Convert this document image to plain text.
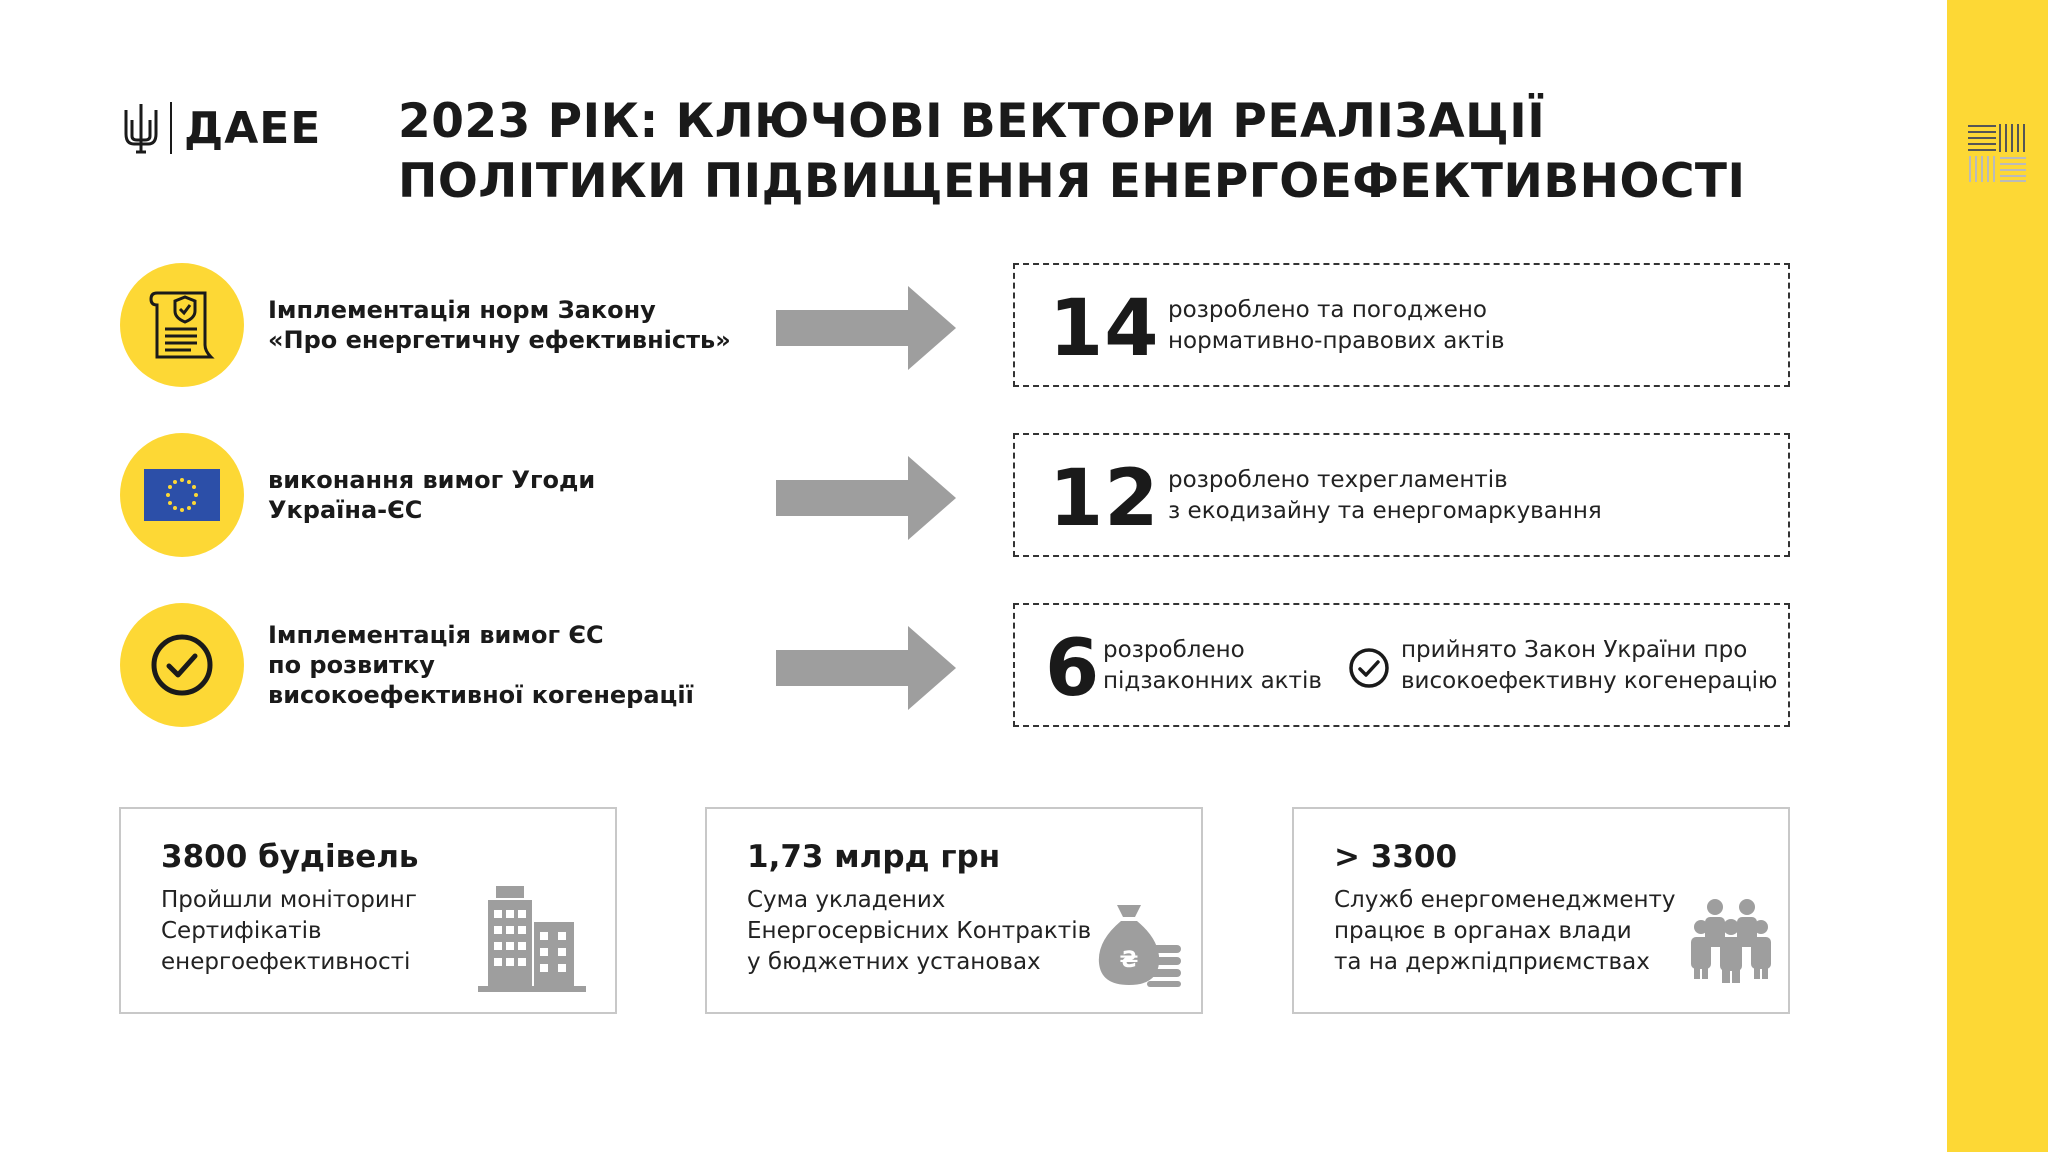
ДАЕЕ 2023 РІК: КЛЮЧОВІ ВЕКТОРИ РЕАЛІЗАЦІЇ
ПОЛІТИКИ ПІДВИЩЕННЯ ЕНЕРГОЕФЕКТИВНОСТІ
Імплементація норм Закону
«Про енергетичну ефективність»	14 розроблено та погоджено
нормативно-правових актів
виконання вимог Угоди
Україна-ЄС	12 розроблено техрегламентів
з екодизайну та енергомаркування
Імплементація вимог ЄС
по розвитку
високоефективної когенерації	6 розроблено
підзаконних актів
прийнято Закон України про
високоефективну когенерацію
3800 будівель
Пройшли моніторинг
Сертифікатів
енергоефективності
1,73 млрд грн
Сума укладених
Енергосервісних Контрактів
у бюджетних установах	₴
> 3300
Служб енергоменеджменту
працює в органах влади
та на держпідприємствах
